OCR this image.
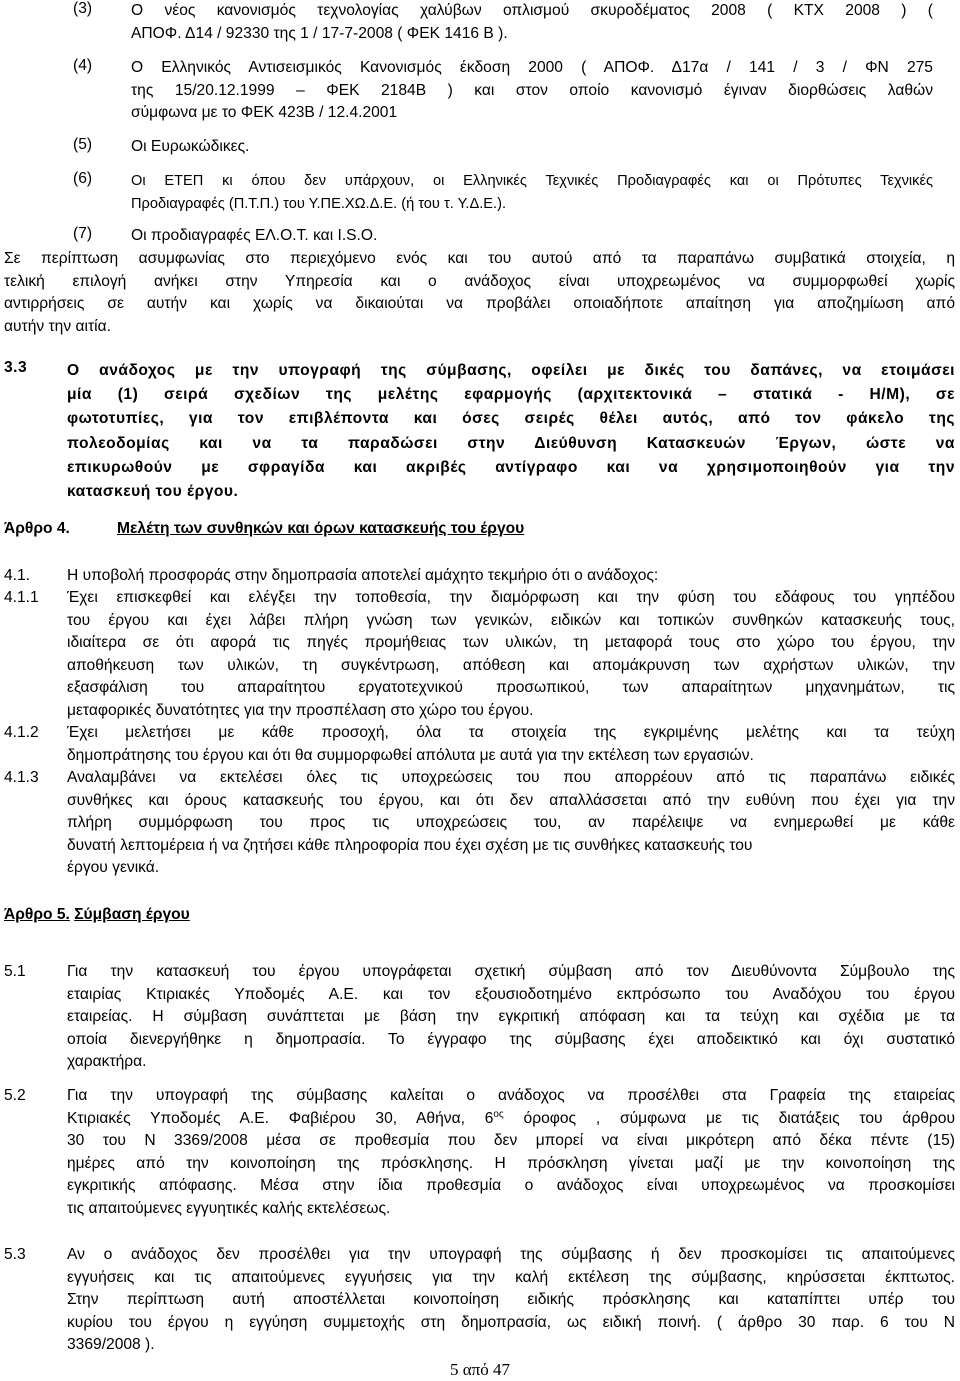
(3) Ο νέος κανονισμός τεχνολογίας χαλύβων οπλισμού σκυροδέματος 2008 ( ΚΤΧ 2008 ) (

ΑΠΟΦ. Δ14 / 92330 της 1 / 17-7-2008 ( ΦΕΚ 1416 Β ).

(4) Ο Ελληνικός Αντισεισμικός Κανονισμός έκδοση 2000 ( ΑΠΟΦ. Δ17α / 141 / 3 / ΦΝ 275

της 15/20.12.1999 – ΦΕΚ 2184Β ) και στον οποίο κανονισμό έγιναν διορθώσεις λαθών

σύμφωνα με το ΦΕΚ 423Β / 12.4.2001

(5) Οι Ευρωκώδικες.

(6)	Οι ΕΤΕΠ κι όπου δεν υπάρχουν, οι Ελληνικές Τεχνικές Προδιαγραφές και οι Πρότυπες Τεχνικές

Προδιαγραφές (Π.Τ.Π.) του Υ.ΠΕ.ΧΩ.Δ.Ε. (ή του τ. Υ.Δ.Ε.).

(7) Οι προδιαγραφές ΕΛ.Ο.Τ. και I.S.O.

Σε περίπτωση ασυμφωνίας στο περιεχόμενο ενός και του αυτού από τα παραπάνω συμβατικά στοιχεία, η

τελική επιλογή ανήκει στην Υπηρεσία και ο ανάδοχος είναι υποχρεωμένος να συμμορφωθεί χωρίς

αντιρρήσεις σε αυτήν και χωρίς να δικαιούται να προβάλει οποιαδήποτε απαίτηση για αποζημίωση από

αυτήν την αιτία.

3.3	Ο ανάδοχος με την υπογραφή της σύμβασης, οφείλει με δικές του δαπάνες, να ετοιμάσει

μία (1) σειρά σχεδίων της μελέτης εφαρμογής (αρχιτεκτονικά – στατικά - Η/Μ), σε

φωτοτυπίες, για τον επιβλέποντα και όσες σειρές θέλει αυτός, από τον φάκελο της

πολεοδομίας και να τα παραδώσει στην Διεύθυνση Κατασκευών Έργων, ώστε να

επικυρωθούν με σφραγίδα και ακριβές αντίγραφο και να χρησιμοποιηθούν για την

κατασκευή του έργου.

Άρθρο 4.	Μελέτη των συνθηκών και όρων κατασκευής του έργου
4.1. Η υποβολή προσφοράς στην δημοπρασία αποτελεί αμάχητο τεκμήριο ότι ο ανάδοχος:

4.1.1 Έχει επισκεφθεί και ελέγξει την τοποθεσία, την διαμόρφωση και την φύση του εδάφους του γηπέδου

του έργου και έχει λάβει πλήρη γνώση των γενικών, ειδικών και τοπικών συνθηκών κατασκευής τους,

ιδιαίτερα σε ότι αφορά τις πηγές προμήθειας των υλικών, τη μεταφορά τους στο χώρο του έργου, την

αποθήκευση των υλικών, τη συγκέντρωση, απόθεση και απομάκρυνση των αχρήστων υλικών, την

εξασφάλιση του απαραίτητου εργατοτεχνικού προσωπικού, των απαραίτητων μηχανημάτων, τις

μεταφορικές δυνατότητες για την προσπέλαση στο χώρο του έργου.

4.1.2 Έχει μελετήσει με κάθε προσοχή, όλα τα στοιχεία της εγκριμένης μελέτης και τα τεύχη

δημοπράτησης του έργου και ότι θα συμμορφωθεί απόλυτα με αυτά για την εκτέλεση των εργασιών.

4.1.3 Αναλαμβάνει να εκτελέσει όλες τις υποχρεώσεις του που απορρέουν από τις παραπάνω ειδικές

συνθήκες και όρους κατασκευής του έργου, και ότι δεν απαλλάσσεται από την ευθύνη που έχει για την

πλήρη συμμόρφωση του προς τις υποχρεώσεις του, αν παρέλειψε να ενημερωθεί με κάθε

δυνατή λεπτομέρεια ή να ζητήσει κάθε πληροφορία που έχει σχέση με τις συνθήκες κατασκευής του

έργου γενικά.

Άρθρο 5. Σύμβαση έργου
5.1	Για την κατασκευή του έργου υπογράφεται σχετική σύμβαση από τον Διευθύνοντα Σύμβουλο της

εταιρίας Κτιριακές Υποδομές Α.Ε. και τον εξουσιοδοτημένο εκπρόσωπο του Αναδόχου του έργου

εταιρείας. Η σύμβαση συνάπτεται με βάση την εγκριτική απόφαση και τα τεύχη και σχέδια με τα

οποία διενεργήθηκε η δημοπρασία. Το έγγραφο της σύμβασης έχει αποδεικτικό και όχι συστατικό

χαρακτήρα.

5.2	Για την υπογραφή της σύμβασης καλείται ο ανάδοχος να προσέλθει στα Γραφεία της εταιρείας

Κτιριακές Υποδομές Α.Ε. Φαβιέρου 30, Αθήνα, $6^{o\varsigma}$ όροφος , σύμφωνα με τις διατάξεις του άρθρου

30 του Ν 3369/2008 μέσα σε προθεσμία που δεν μπορεί να είναι μικρότερη από δέκα πέντε (15)

ημέρες από την κοινοποίηση της πρόσκλησης. Η πρόσκληση γίνεται μαζί με την κοινοποίηση της

εγκριτικής απόφασης. Μέσα στην ίδια προθεσμία ο ανάδοχος είναι υποχρεωμένος να προσκομίσει

τις απαιτούμενες εγγυητικές καλής εκτελέσεως.

5.3	Αν ο ανάδοχος δεν προσέλθει για την υπογραφή της σύμβασης ή δεν προσκομίσει τις απαιτούμενες

εγγυήσεις και τις απαιτούμενες εγγυήσεις για την καλή εκτέλεση της σύμβασης, κηρύσσεται έκπτωτος.

Στην περίπτωση αυτή αποστέλλεται κοινοποίηση ειδικής πρόσκλησης και καταπίπτει υπέρ του

κυρίου του έργου η εγγύηση συμμετοχής στη δημοπρασία, ως ειδική ποινή. ( άρθρο 30 παρ. 6 του Ν

3369/2008 ).

5 από 47
